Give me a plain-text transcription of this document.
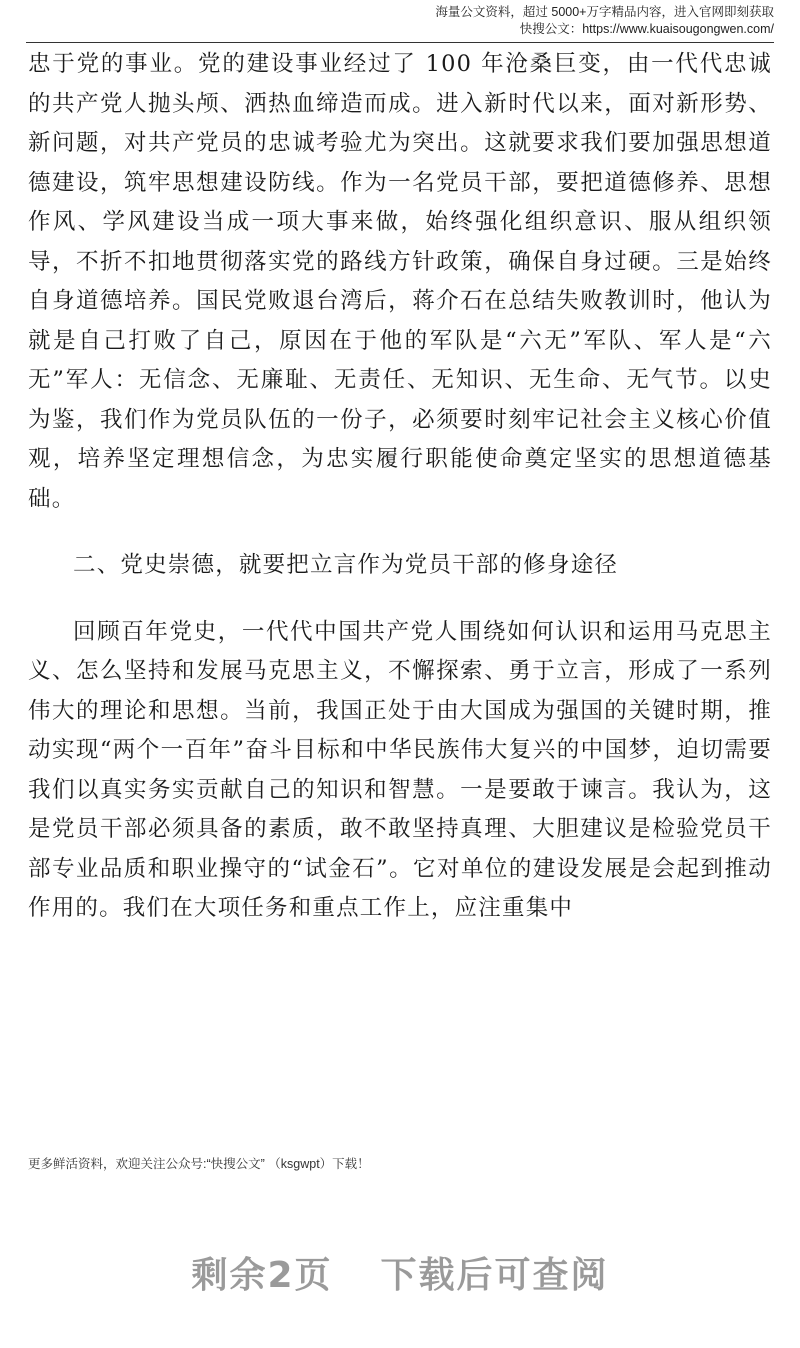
海量公文资料，超过 5000+万字精品内容，进入官网即刻获取
快搜公文：https://www.kuaisougongwen.com/

忠于党的事业。党的建设事业经过了 100 年沧桑巨变，由一代代忠诚的共产党人抛头颅、洒热血缔造而成。进入新时代以来，面对新形势、新问题，对共产党员的忠诚考验尤为突出。这就要求我们要加强思想道德建设，筑牢思想建设防线。作为一名党员干部，要把道德修养、思想作风、学风建设当成一项大事来做，始终强化组织意识、服从组织领导，不折不扣地贯彻落实党的路线方针政策，确保自身过硬。三是始终自身道德培养。国民党败退台湾后，蒋介石在总结失败教训时，他认为就是自己打败了自己，原因在于他的军队是“六无”军队、军人是“六无”军人：无信念、无廉耻、无责任、无知识、无生命、无气节。以史为鉴，我们作为党员队伍的一份子，必须要时刻牢记社会主义核心价值观，培养坚定理想信念，为忠实履行职能使命奠定坚实的思想道德基础。

二、党史崇德，就要把立言作为党员干部的修身途径

回顾百年党史，一代代中国共产党人围绕如何认识和运用马克思主义、怎么坚持和发展马克思主义，不懈探索、勇于立言，形成了一系列伟大的理论和思想。当前，我国正处于由大国成为强国的关键时期，推动实现“两个一百年”奋斗目标和中华民族伟大复兴的中国梦，迫切需要我们以真实务实贡献自己的知识和智慧。一是要敢于谏言。我认为，这是党员干部必须具备的素质，敢不敢坚持真理、大胆建议是检验党员干部专业品质和职业操守的“试金石”。它对单位的建设发展是会起到推动作用的。我们在大项任务和重点工作上，应注重集中

更多鲜活资料，欢迎关注公众号:“快搜公文” （ksgwpt）下载！
剩余2页 下载后可查阅
